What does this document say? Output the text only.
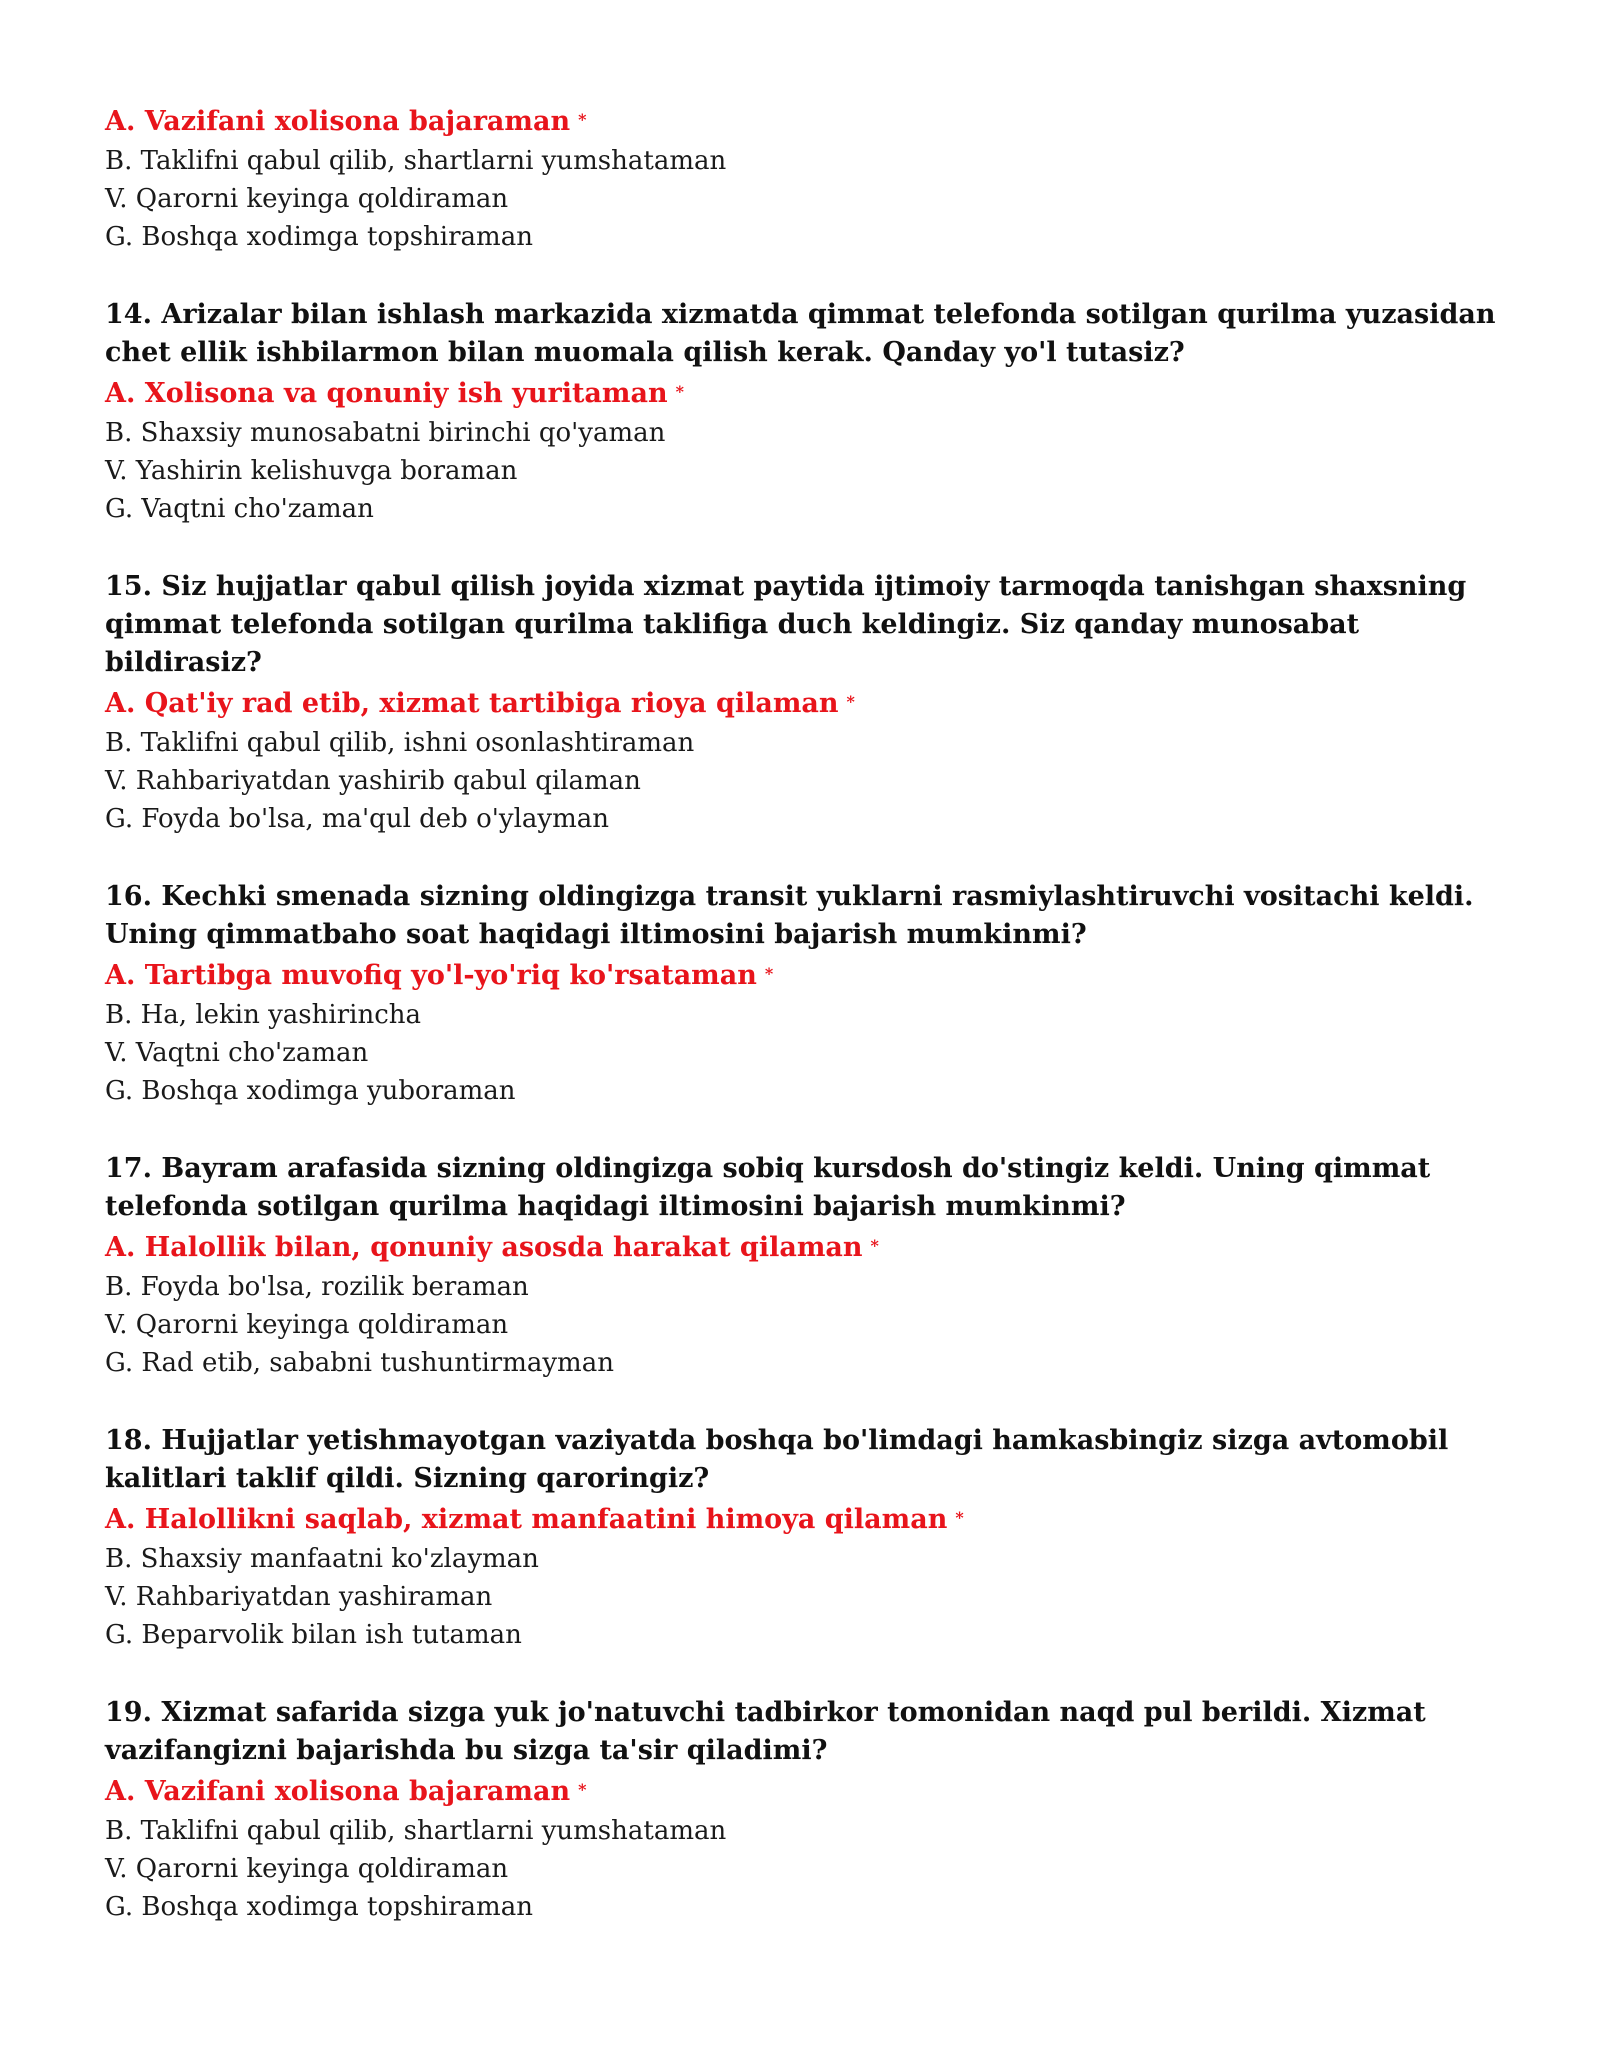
A. Vazifani xolisona bajaraman *
B. Taklifni qabul qilib, shartlarni yumshataman
V. Qarorni keyinga qoldiraman
G. Boshqa xodimga topshiraman
14. Arizalar bilan ishlash markazida xizmatda qimmat telefonda sotilgan qurilma yuzasidan chet ellik ishbilarmon bilan muomala qilish kerak. Qanday yo'l tutasiz?
A. Xolisona va qonuniy ish yuritaman *
B. Shaxsiy munosabatni birinchi qo'yaman
V. Yashirin kelishuvga boraman
G. Vaqtni cho'zaman
15. Siz hujjatlar qabul qilish joyida xizmat paytida ijtimoiy tarmoqda tanishgan shaxsning qimmat telefonda sotilgan qurilma taklifiga duch keldingiz. Siz qanday munosabat bildirasiz?
A. Qat'iy rad etib, xizmat tartibiga rioya qilaman *
B. Taklifni qabul qilib, ishni osonlashtiraman
V. Rahbariyatdan yashirib qabul qilaman
G. Foyda bo'lsa, ma'qul deb o'ylayman
16. Kechki smenada sizning oldingizga transit yuklarni rasmiylashtiruvchi vositachi keldi. Uning qimmatbaho soat haqidagi iltimosini bajarish mumkinmi?
A. Tartibga muvofiq yo'l-yo'riq ko'rsataman *
B. Ha, lekin yashirincha
V. Vaqtni cho'zaman
G. Boshqa xodimga yuboraman
17. Bayram arafasida sizning oldingizga sobiq kursdosh do'stingiz keldi. Uning qimmat telefonda sotilgan qurilma haqidagi iltimosini bajarish mumkinmi?
A. Halollik bilan, qonuniy asosda harakat qilaman *
B. Foyda bo'lsa, rozilik beraman
V. Qarorni keyinga qoldiraman
G. Rad etib, sababni tushuntirmayman
18. Hujjatlar yetishmayotgan vaziyatda boshqa bo'limdagi hamkasbingiz sizga avtomobil kalitlari taklif qildi. Sizning qaroringiz?
A. Halollikni saqlab, xizmat manfaatini himoya qilaman *
B. Shaxsiy manfaatni ko'zlayman
V. Rahbariyatdan yashiraman
G. Beparvolik bilan ish tutaman
19. Xizmat safarida sizga yuk jo'natuvchi tadbirkor tomonidan naqd pul berildi. Xizmat vazifangizni bajarishda bu sizga ta'sir qiladimi?
A. Vazifani xolisona bajaraman *
B. Taklifni qabul qilib, shartlarni yumshataman
V. Qarorni keyinga qoldiraman
G. Boshqa xodimga topshiraman
